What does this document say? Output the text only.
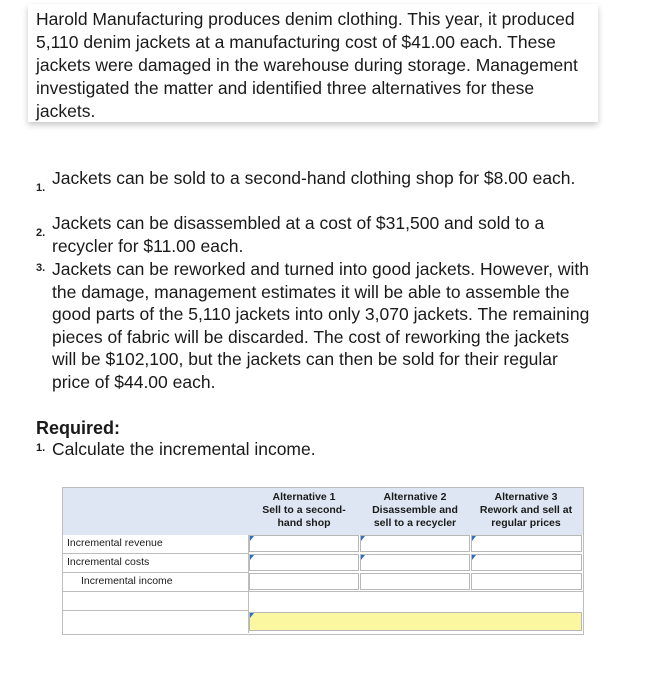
Harold Manufacturing produces denim clothing. This year, it produced 5,110 denim jackets at a manufacturing cost of $41.00 each. These jackets were damaged in the warehouse during storage. Management investigated the matter and identified three alternatives for these jackets.
1. Jackets can be sold to a second-hand clothing shop for $8.00 each.
2. Jackets can be disassembled at a cost of $31,500 and sold to a recycler for $11.00 each.
3. Jackets can be reworked and turned into good jackets. However, with the damage, management estimates it will be able to assemble the good parts of the 5,110 jackets into only 3,070 jackets. The remaining pieces of fabric will be discarded. The cost of reworking the jackets will be $102,100, but the jackets can then be sold for their regular price of $44.00 each.
Required:
1. Calculate the incremental income.
Alternative 1
Sell to a second-
hand shop
Alternative 2
Disassemble and
sell to a recycler
Alternative 3
Rework and sell at
regular prices
Incremental revenue
Incremental costs
Incremental income
